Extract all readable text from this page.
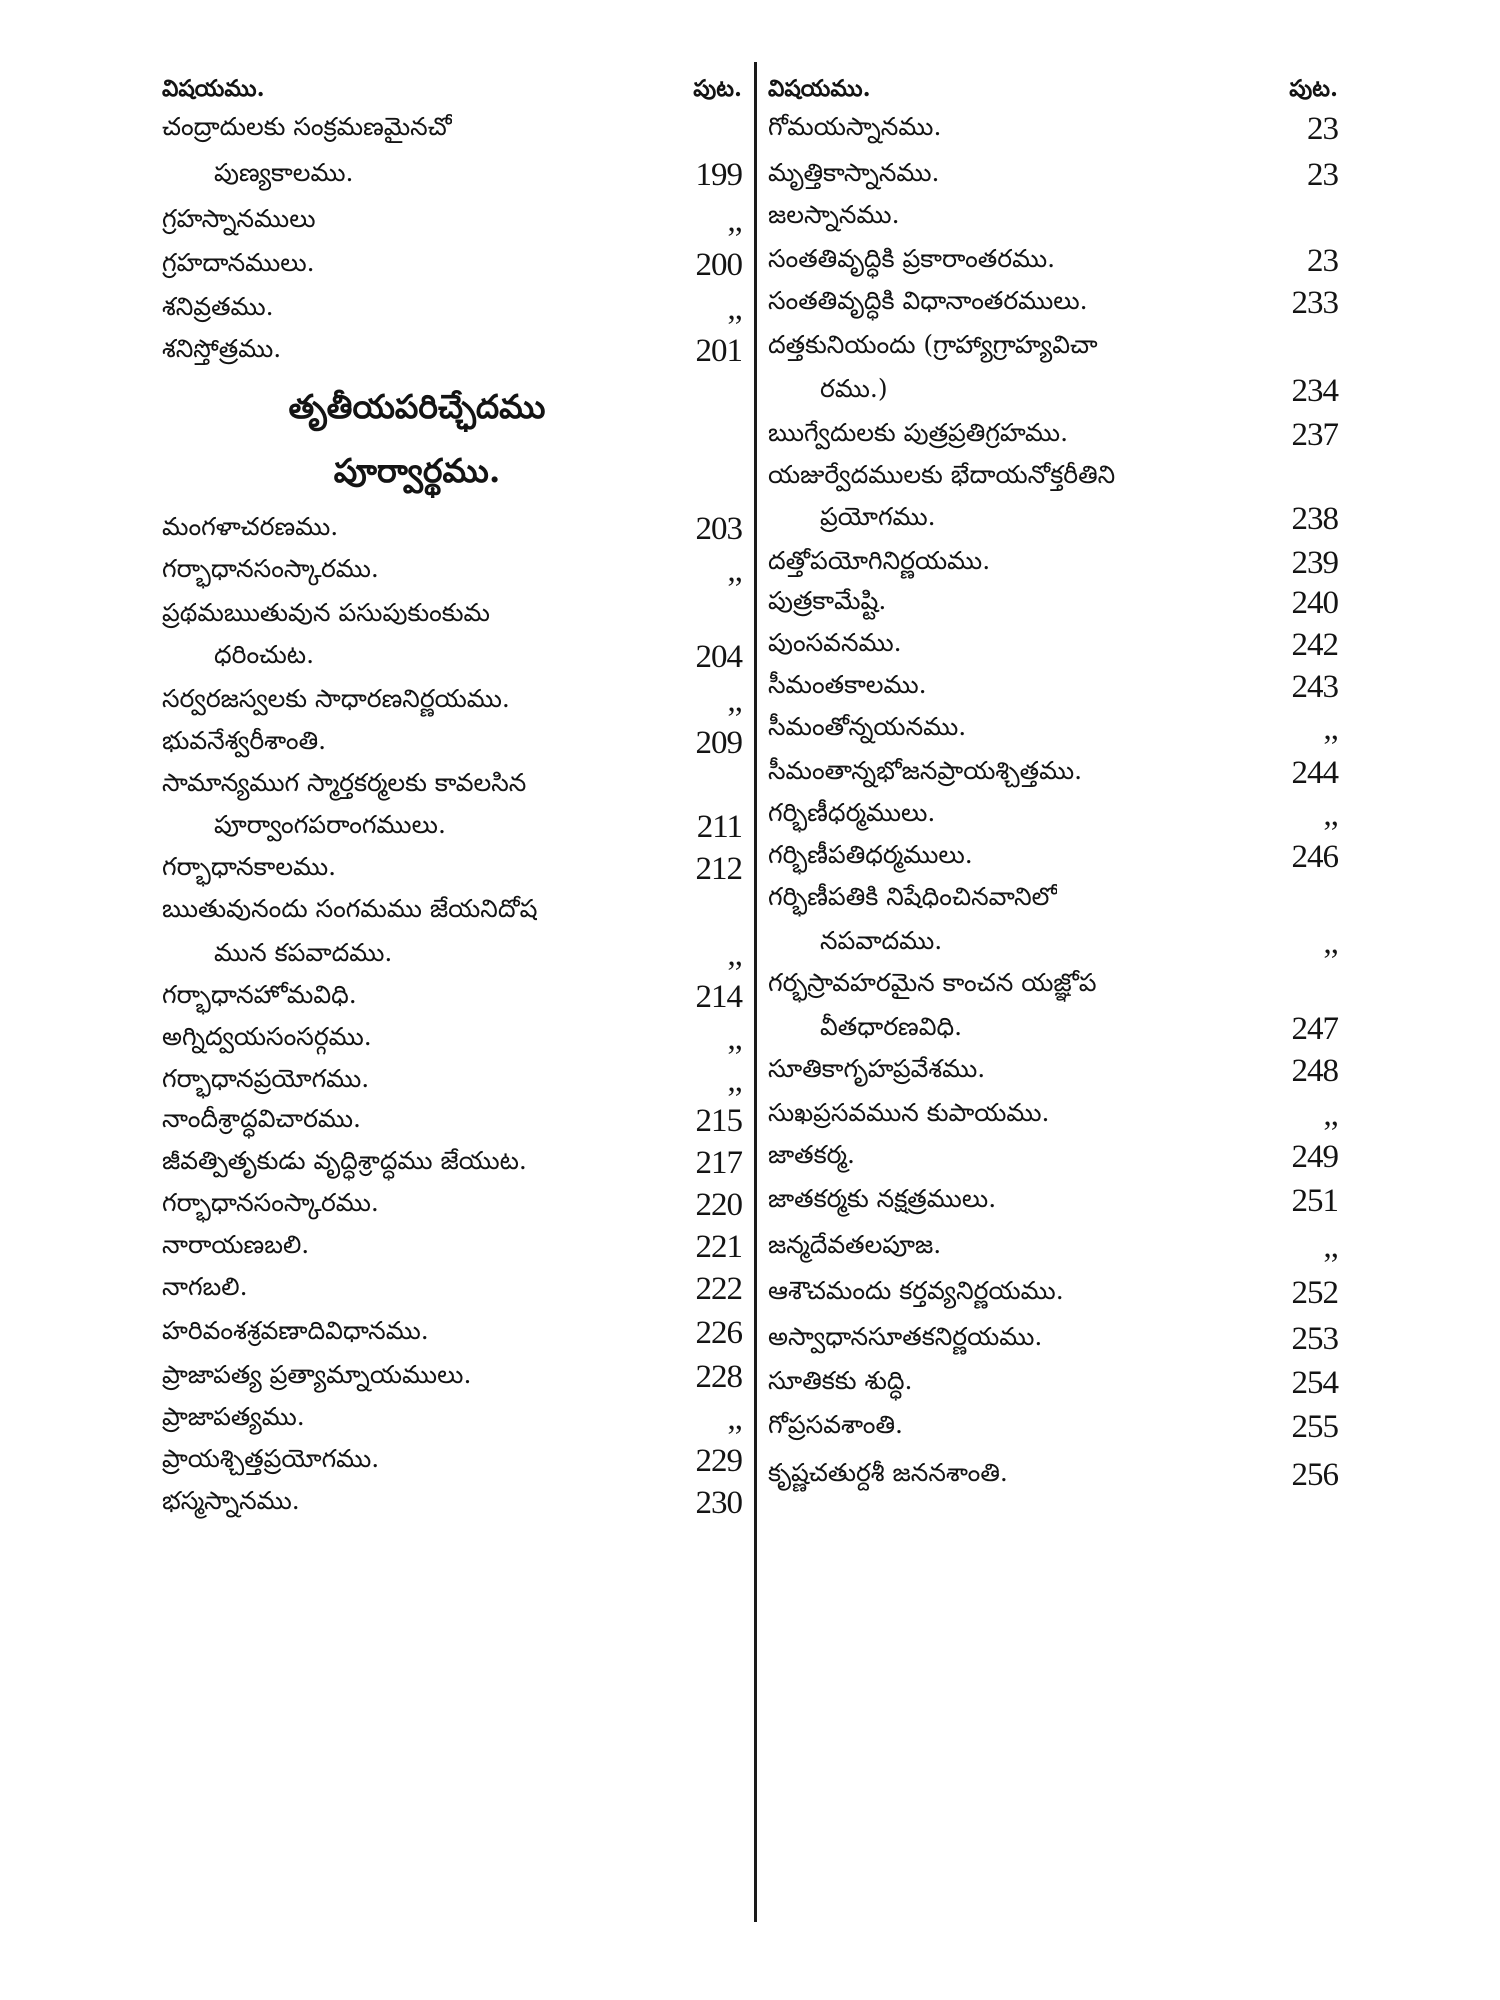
విషయము.	పుట.
చంద్రాదులకు సంక్రమణమైనచో
పుణ్యకాలము.	199
గ్రహస్నానములు	,,
గ్రహదానములు.	200
శనివ్రతము.	,,
శనిస్తోత్రము.	201
మంగళాచరణము.	203
గర్భాధానసంస్కారము.	,,
ప్రథమఋతువున పసుపుకుంకుమ
ధరించుట.	204
సర్వరజస్వలకు సాధారణనిర్ణయము.	,,
భువనేశ్వరీశాంతి.	209
సామాన్యముగ స్మార్తకర్మలకు కావలసిన
పూర్వాంగపరాంగములు.	211
గర్భాధానకాలము.	212
ఋతువునందు సంగమము జేయనిదోష
మున కపవాదము.	,,
గర్భాధానహోమవిధి.	214
అగ్నిద్వయసంసర్గము.	,,
గర్భాధానప్రయోగము.	,,
నాందీశ్రాద్ధవిచారము.	215
జీవత్పితృకుడు వృద్ధిశ్రాద్ధము జేయుట.	217
గర్భాధానసంస్కారము.	220
నారాయణబలి.	221
నాగబలి.	222
హరివంశశ్రవణాదివిధానము.	226
ప్రాజాపత్య ప్రత్యామ్నాయములు.	228
ప్రాజాపత్యము.	,,
ప్రాయశ్చిత్తప్రయోగము.	229
భస్మస్నానము.	230
తృతీయపరిచ్ఛేదము
పూర్వార్థము.
విషయము.	పుట.
గోమయస్నానము.	23
మృత్తికాస్నానము.	23
జలస్నానము.
సంతతివృద్ధికి ప్రకారాంతరము.	23
సంతతివృద్ధికి విధానాంతరములు.	233
దత్తకునియందు (గ్రాహ్యాగ్రాహ్యవిచా
రము.)	234
ఋగ్వేదులకు పుత్రప్రతిగ్రహము.	237
యజుర్వేదములకు భేదాయనోక్తరీతిని
ప్రయోగము.	238
దత్తోపయోగినిర్ణయము.	239
పుత్రకామేష్టి.	240
పుంసవనము.	242
సీమంతకాలము.	243
సీమంతోన్నయనము.	,,
సీమంతాన్నభోజనప్రాయశ్చిత్తము.	244
గర్భిణీధర్మములు.	,,
గర్భిణీపతిధర్మములు.	246
గర్భిణీపతికి నిషేధించినవానిలో
నపవాదము.	,,
గర్భస్రావహరమైన కాంచన యజ్ఞోప
వీతధారణవిధి.	247
సూతికాగృహప్రవేశము.	248
సుఖప్రసవమున కుపాయము.	,,
జాతకర్మ.	249
జాతకర్మకు నక్షత్రములు.	251
జన్మదేవతలపూజ.	,,
ఆశౌచమందు కర్తవ్యనిర్ణయము.	252
అస్వాధానసూతకనిర్ణయము.	253
సూతికకు శుద్ధి.	254
గోప్రసవశాంతి.	255
కృష్ణచతుర్దశీ జననశాంతి.	256
